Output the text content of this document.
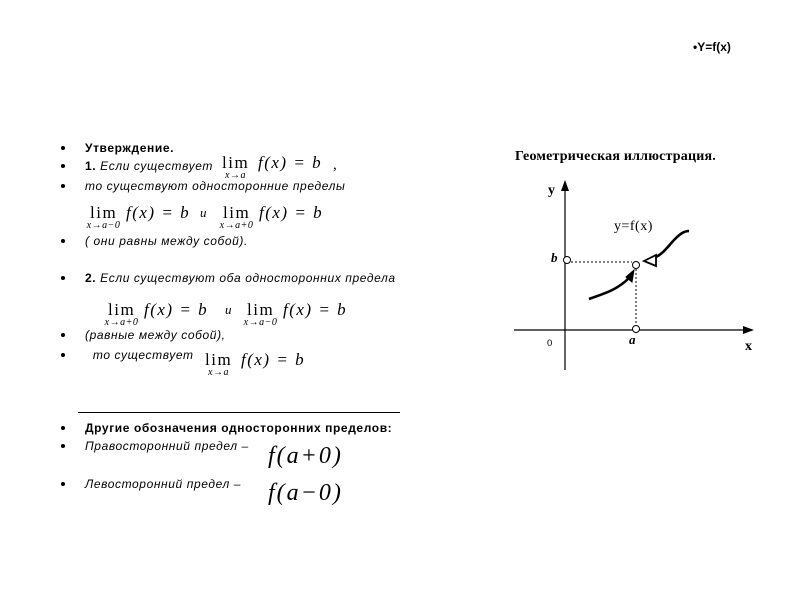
•Y=f(x)
Утверждение.
1. Если существует lim
x→a
f(x) = b ,
то существуют односторонние пределы
lim
x→a−0
f(x) = b и lim
x→a+0
f(x) = b
( они равны между собой).
2. Если существуют оба односторонних предела
lim
x→a+0
f(x) = b и lim
x→a−0
f(x) = b
(равные между собой),
то существует lim
x→a
f(x) = b
Другие обозначения односторонних пределов:
Правосторонний предел – f(a+0)
Левосторонний предел – f(a−0)
Геометрическая иллюстрация.
y
x
0
b
a
y=f(x)
